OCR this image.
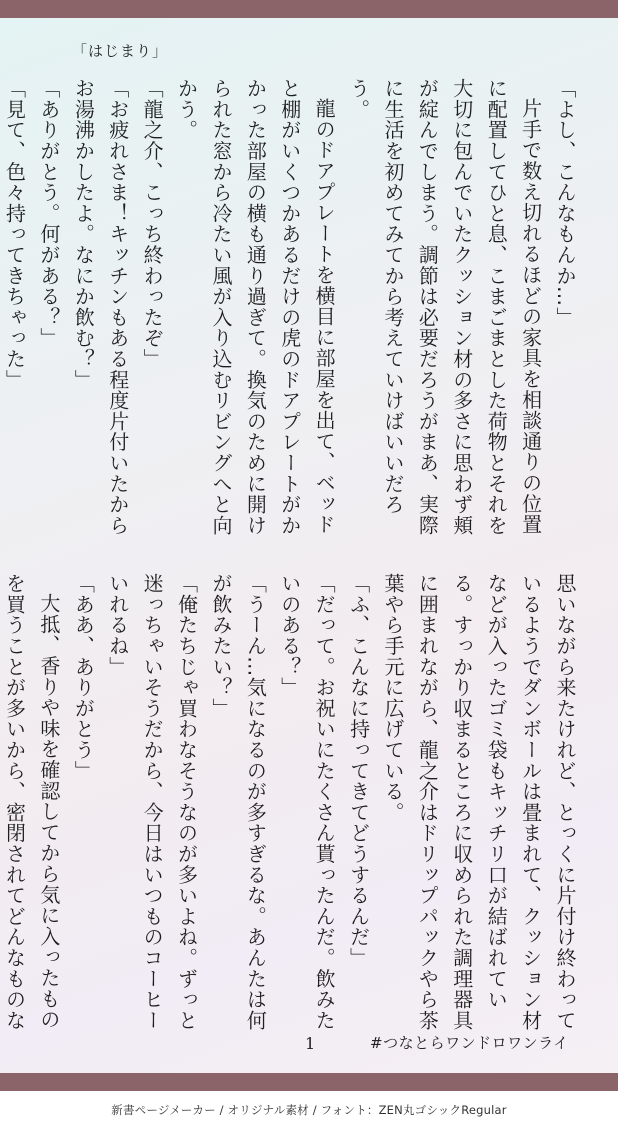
「はじまり」

「よし、こんなもんか…」

片手で数え切れるほどの家具を相談通りの位置に配置してひと息、こまごまとした荷物とそれを大切に包んでいたクッション材の多さに思わず頬が綻んでしまう。調節は必要だろうがまあ、実際に生活を初めてみてから考えていけばいいだろう。

龍のドアプレートを横目に部屋を出て、ベッドと棚がいくつかあるだけの虎のドアプレートがかかった部屋の横も通り過ぎて。換気のために開けられた窓から冷たい風が入り込むリビングへと向かう。

「龍之介、こっち終わったぞ」

「お疲れさま！キッチンもある程度片付いたからお湯沸かしたよ。なにか飲む？」

「ありがとう。何がある？」

「見て、色々持ってきちゃった」

思いながら来たけれど、とっくに片付け終わっているようでダンボールは畳まれて、クッション材などが入ったゴミ袋もキッチリ口が結ばれている。すっかり収まるところに収められた調理器具に囲まれながら、龍之介はドリップパックやら茶葉やら手元に広げている。

「ふ、こんなに持ってきてどうするんだ」

「だって。お祝いにたくさん貰ったんだ。飲みたいのある？」

「うーん…気になるのが多すぎるな。あんたは何が飲みたい？」

「俺たちじゃ買わなそうなのが多いよね。ずっと迷っちゃいそうだから、今日はいつものコーヒーいれるね」

「ああ、ありがとう」

大抵、香りや味を確認してから気に入ったものを買うことが多いから、密閉されてどんなものな

1	#つなとらワンドロワンライ
新書ページメーカー / オリジナル素材 / フォント：ZEN丸ゴシックRegular
